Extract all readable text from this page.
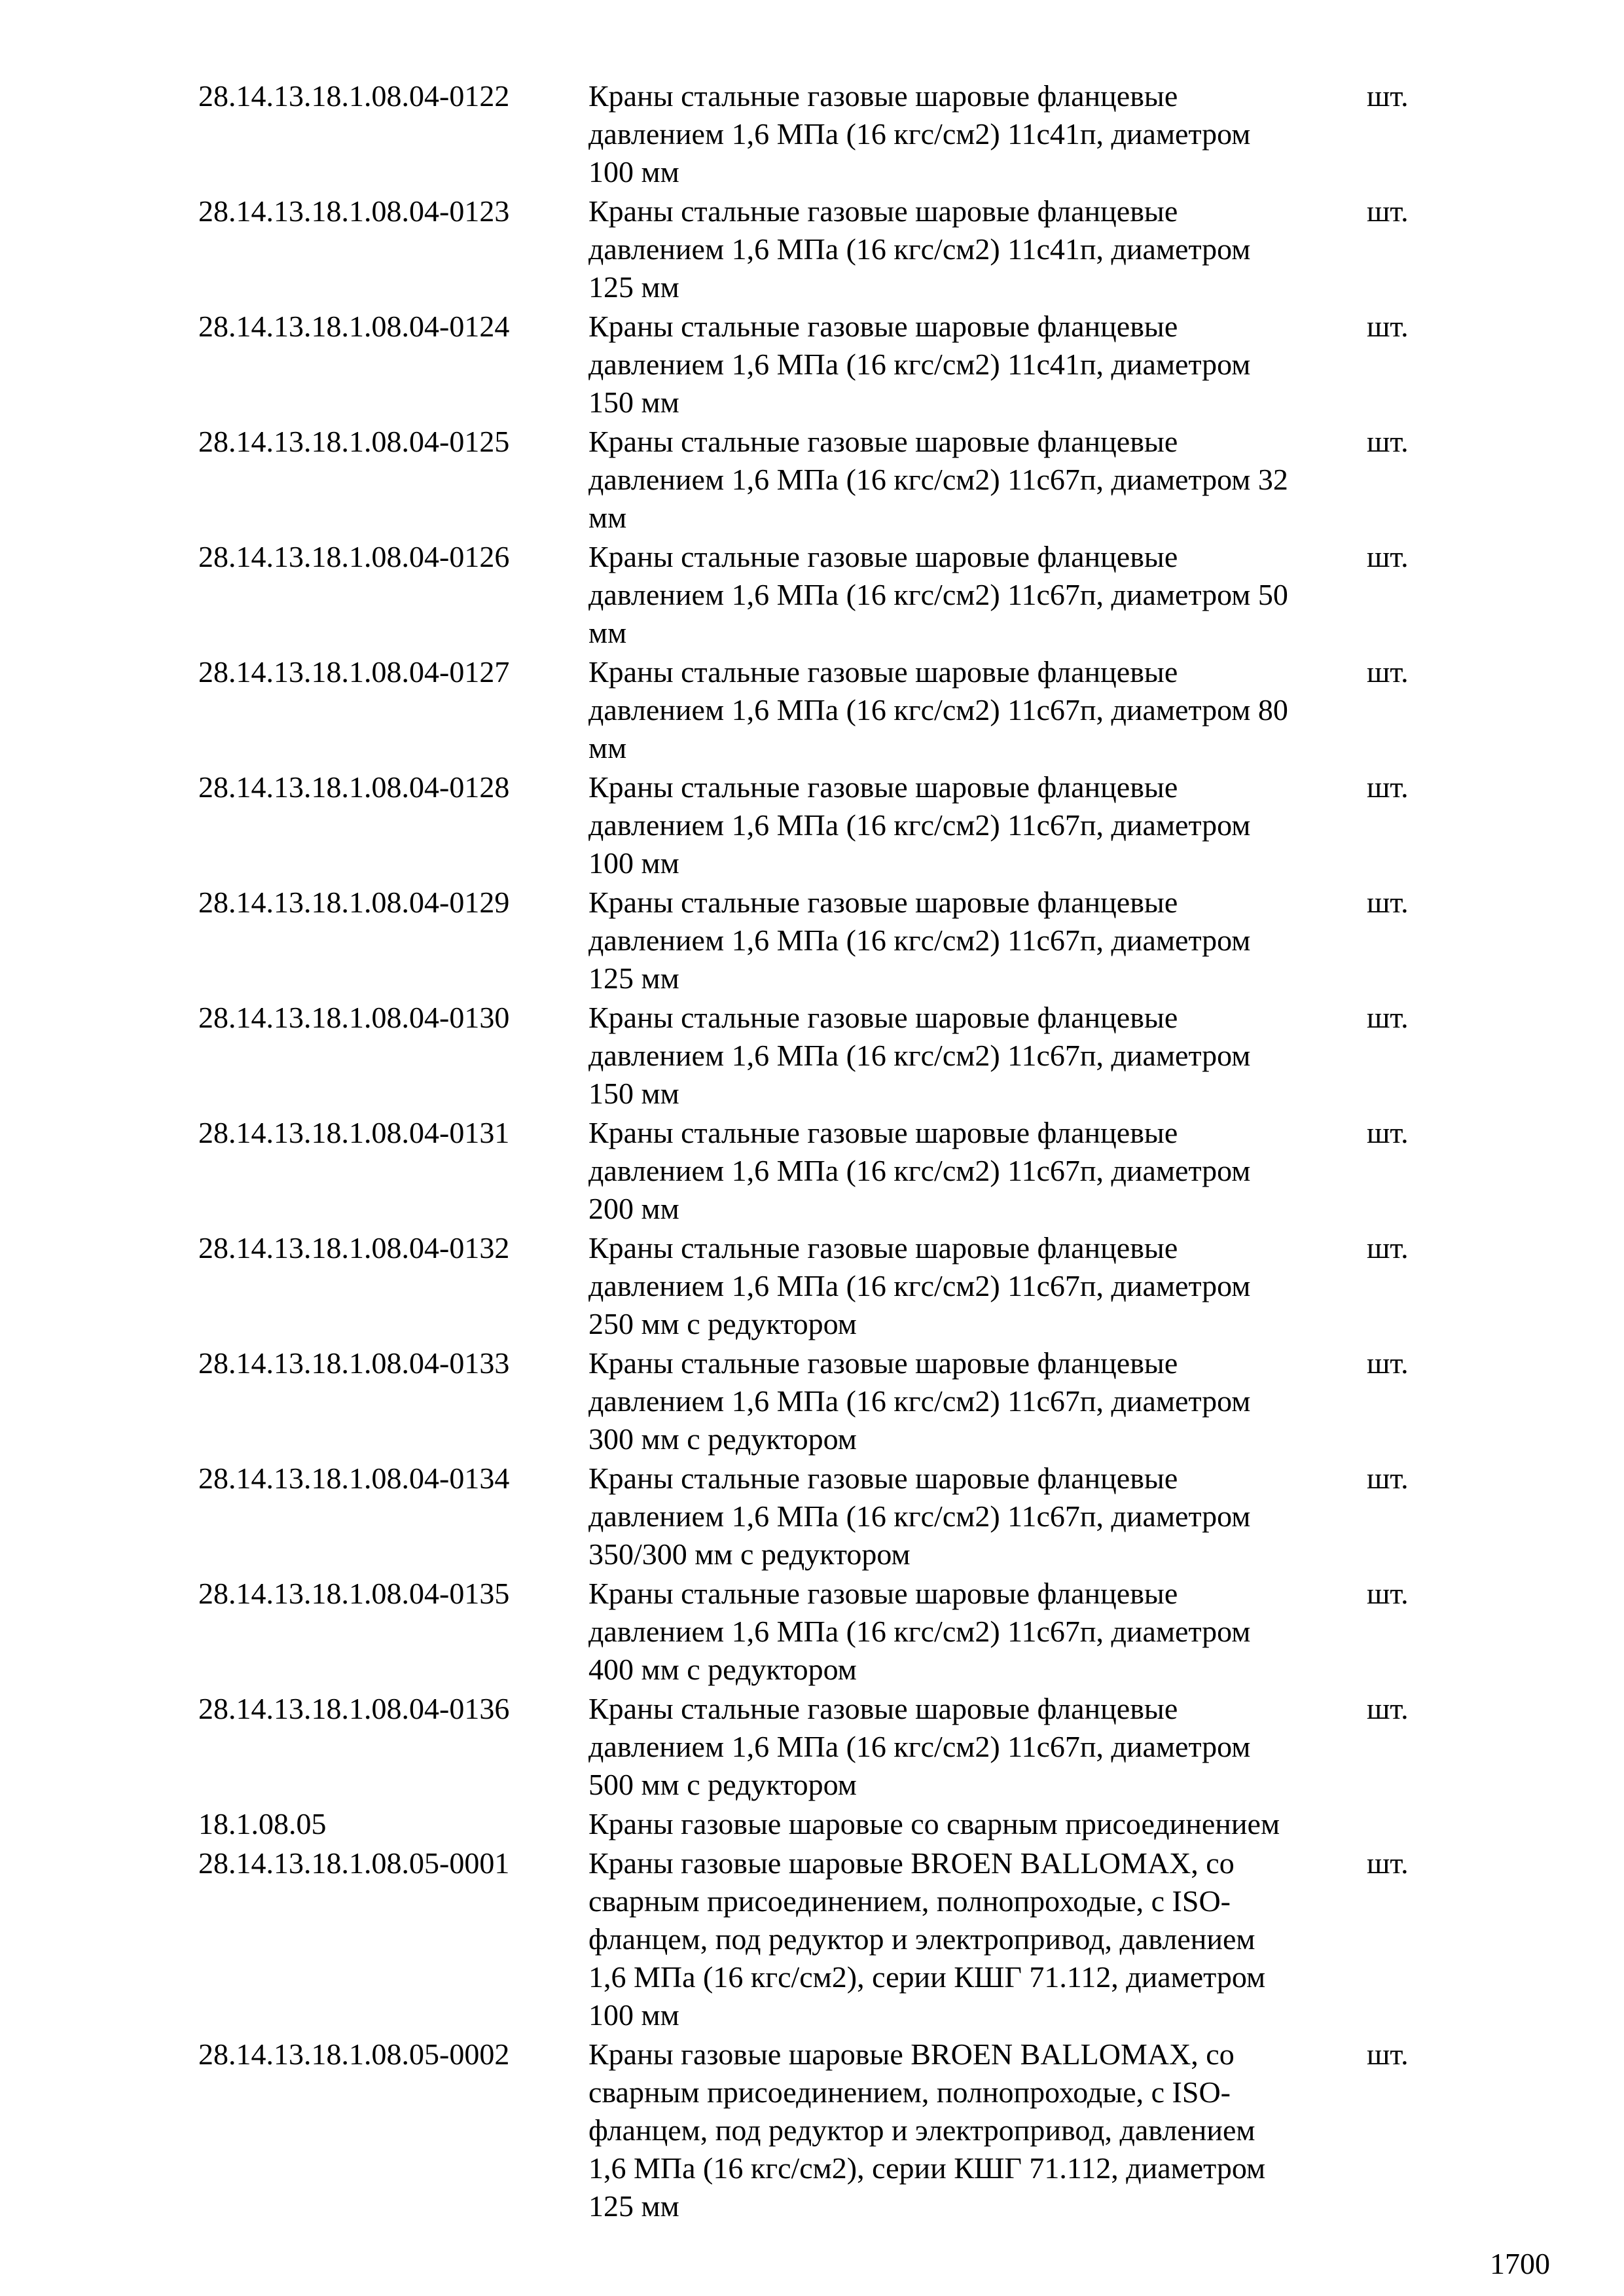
28.14.13.18.1.08.04-0122	Краны стальные газовые шаровые фланцевые
давлением 1,6 МПа (16 кгс/см2) 11с41п, диаметром
100 мм
шт.
28.14.13.18.1.08.04-0123	Краны стальные газовые шаровые фланцевые
давлением 1,6 МПа (16 кгс/см2) 11с41п, диаметром
125 мм
шт.
28.14.13.18.1.08.04-0124	Краны стальные газовые шаровые фланцевые
давлением 1,6 МПа (16 кгс/см2) 11с41п, диаметром
150 мм
шт.
28.14.13.18.1.08.04-0125	Краны стальные газовые шаровые фланцевые
давлением 1,6 МПа (16 кгс/см2) 11с67п, диаметром 32
мм
шт.
28.14.13.18.1.08.04-0126	Краны стальные газовые шаровые фланцевые
давлением 1,6 МПа (16 кгс/см2) 11с67п, диаметром 50
мм
шт.
28.14.13.18.1.08.04-0127	Краны стальные газовые шаровые фланцевые
давлением 1,6 МПа (16 кгс/см2) 11с67п, диаметром 80
мм
шт.
28.14.13.18.1.08.04-0128	Краны стальные газовые шаровые фланцевые
давлением 1,6 МПа (16 кгс/см2) 11с67п, диаметром
100 мм
шт.
28.14.13.18.1.08.04-0129	Краны стальные газовые шаровые фланцевые
давлением 1,6 МПа (16 кгс/см2) 11с67п, диаметром
125 мм
шт.
28.14.13.18.1.08.04-0130	Краны стальные газовые шаровые фланцевые
давлением 1,6 МПа (16 кгс/см2) 11с67п, диаметром
150 мм
шт.
28.14.13.18.1.08.04-0131	Краны стальные газовые шаровые фланцевые
давлением 1,6 МПа (16 кгс/см2) 11с67п, диаметром
200 мм
шт.
28.14.13.18.1.08.04-0132	Краны стальные газовые шаровые фланцевые
давлением 1,6 МПа (16 кгс/см2) 11с67п, диаметром
250 мм с редуктором
шт.
28.14.13.18.1.08.04-0133	Краны стальные газовые шаровые фланцевые
давлением 1,6 МПа (16 кгс/см2) 11с67п, диаметром
300 мм с редуктором
шт.
28.14.13.18.1.08.04-0134	Краны стальные газовые шаровые фланцевые
давлением 1,6 МПа (16 кгс/см2) 11с67п, диаметром
350/300 мм с редуктором
шт.
28.14.13.18.1.08.04-0135	Краны стальные газовые шаровые фланцевые
давлением 1,6 МПа (16 кгс/см2) 11с67п, диаметром
400 мм с редуктором
шт.
28.14.13.18.1.08.04-0136	Краны стальные газовые шаровые фланцевые
давлением 1,6 МПа (16 кгс/см2) 11с67п, диаметром
500 мм с редуктором
шт.
18.1.08.05	Краны газовые шаровые со сварным присоединением
28.14.13.18.1.08.05-0001	Краны газовые шаровые BROEN BALLOMAX, со
сварным присоединением, полнопроходые, с ISO-
фланцем, под редуктор и электропривод, давлением
1,6 МПа (16 кгс/см2), серии КШГ 71.112, диаметром
100 мм
шт.
28.14.13.18.1.08.05-0002	Краны газовые шаровые BROEN BALLOMAX, со
сварным присоединением, полнопроходые, с ISO-
фланцем, под редуктор и электропривод, давлением
1,6 МПа (16 кгс/см2), серии КШГ 71.112, диаметром
125 мм
шт.
1700
